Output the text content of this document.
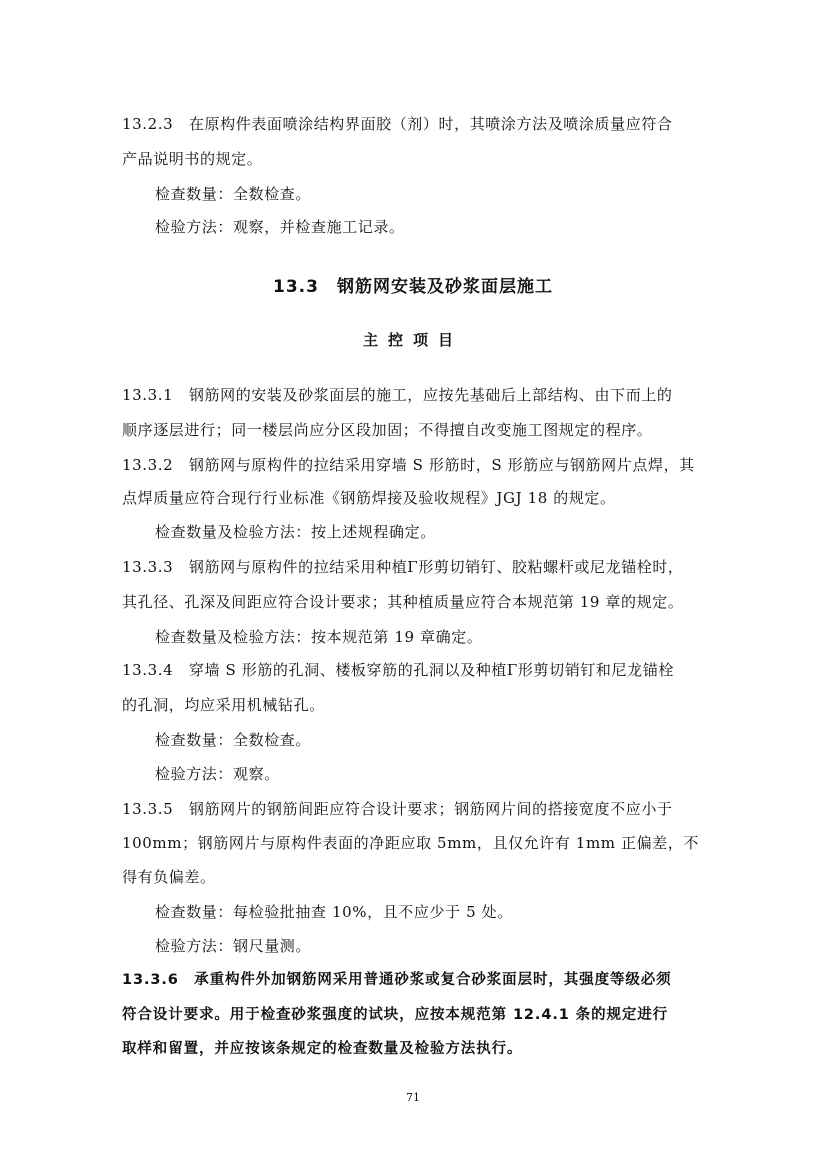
13.2.3　在原构件表面喷涂结构界面胶（剂）时，其喷涂方法及喷涂质量应符合
产品说明书的规定。
检查数量：全数检查。
检验方法：观察，并检查施工记录。
13.3　钢筋网安装及砂浆面层施工
主控项目
13.3.1　钢筋网的安装及砂浆面层的施工，应按先基础后上部结构、由下而上的
顺序逐层进行；同一楼层尚应分区段加固；不得擅自改变施工图规定的程序。
13.3.2　钢筋网与原构件的拉结采用穿墙 S 形筋时，S 形筋应与钢筋网片点焊，其
点焊质量应符合现行行业标准《钢筋焊接及验收规程》JGJ 18 的规定。
检查数量及检验方法：按上述规程确定。
13.3.3　钢筋网与原构件的拉结采用种植Γ形剪切销钉、胶粘螺杆或尼龙锚栓时，
其孔径、孔深及间距应符合设计要求；其种植质量应符合本规范第 19 章的规定。
检查数量及检验方法：按本规范第 19 章确定。
13.3.4　穿墙 S 形筋的孔洞、楼板穿筋的孔洞以及种植Γ形剪切销钉和尼龙锚栓
的孔洞，均应采用机械钻孔。
检查数量：全数检查。
检验方法：观察。
13.3.5　钢筋网片的钢筋间距应符合设计要求；钢筋网片间的搭接宽度不应小于
100mm；钢筋网片与原构件表面的净距应取 5mm，且仅允许有 1mm 正偏差，不
得有负偏差。
检查数量：每检验批抽查 10%，且不应少于 5 处。
检验方法：钢尺量测。
13.3.6　承重构件外加钢筋网采用普通砂浆或复合砂浆面层时，其强度等级必须
符合设计要求。用于检查砂浆强度的试块，应按本规范第 12.4.1 条的规定进行
取样和留置，并应按该条规定的检查数量及检验方法执行。
71
